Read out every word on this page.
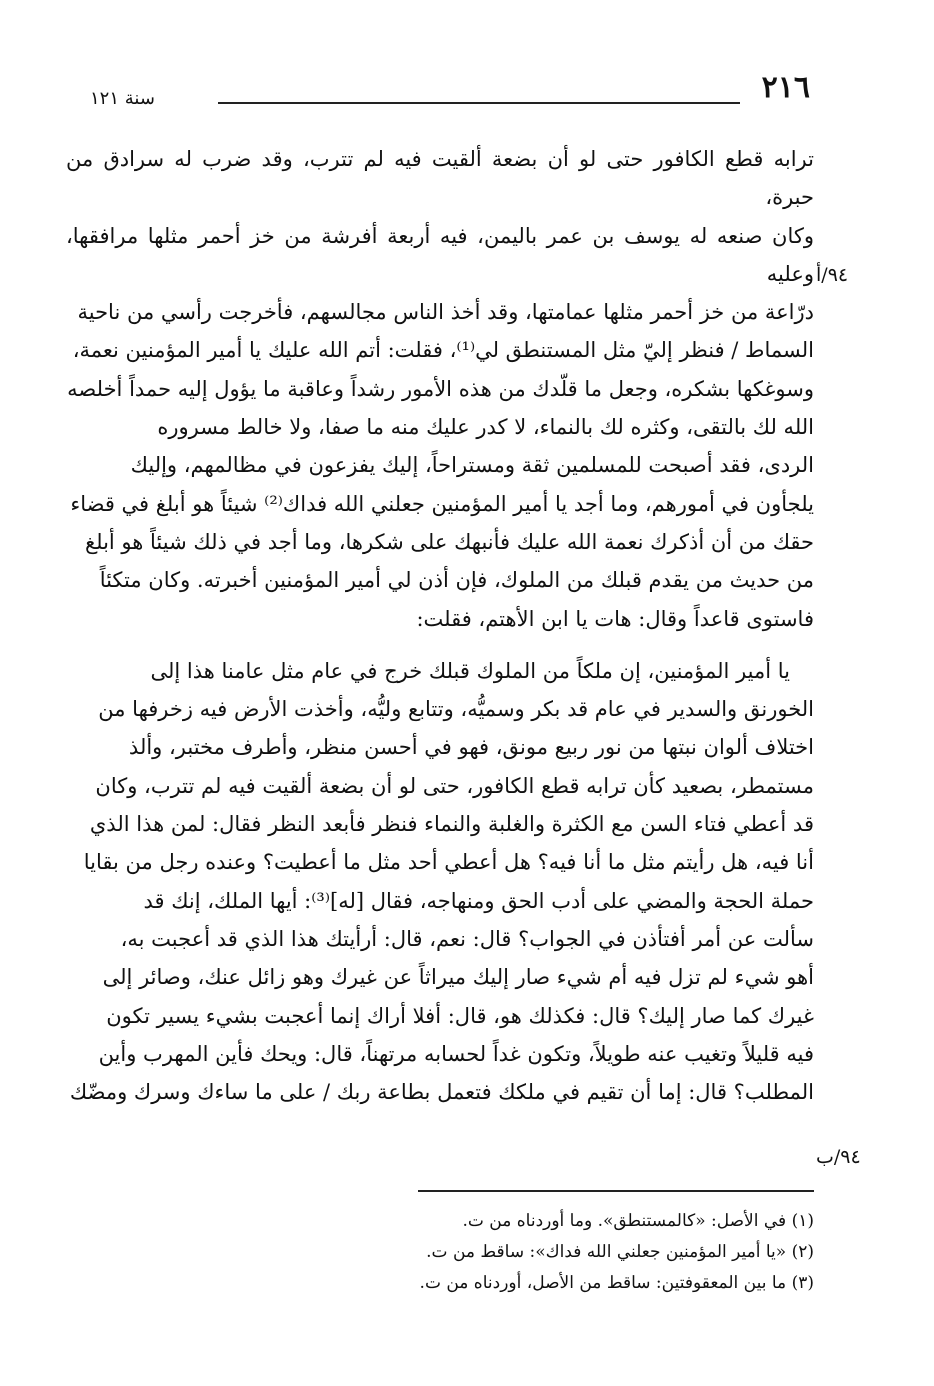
٢١٦
سنة ١٢١
٩٤/أ
٩٤/ب

ترابه قطع الكافور حتى لو أن بضعة ألقيت فيه لم تترب، وقد ضرب له سرادق من حبرة،

وكان صنعه له يوسف بن عمر باليمن، فيه أربعة أفرشة من خز أحمر مثلها مرافقها، وعليه

درّاعة من خز أحمر مثلها عمامتها، وقد أخذ الناس مجالسهم، فأخرجت رأسي من ناحية

السماط / فنظر إليّ مثل المستنطق لي⁽¹⁾، فقلت: أتم الله عليك يا أمير المؤمنين نعمة،

وسوغكها بشكره، وجعل ما قلّدك من هذه الأمور رشداً وعاقبة ما يؤول إليه حمداً أخلصه

الله لك بالتقى، وكثره لك بالنماء، لا كدر عليك منه ما صفا، ولا خالط مسروره

الردى، فقد أصبحت للمسلمين ثقة ومستراحاً، إليك يفزعون في مظالمهم، وإليك

يلجأون في أمورهم، وما أجد يا أمير المؤمنين جعلني الله فداك⁽²⁾ شيئاً هو أبلغ في قضاء

حقك من أن أذكرك نعمة الله عليك فأنبهك على شكرها، وما أجد في ذلك شيئاً هو أبلغ

من حديث من يقدم قبلك من الملوك، فإن أذن لي أمير المؤمنين أخبرته. وكان متكئاً

فاستوى قاعداً وقال: هات يا ابن الأهتم، فقلت:

يا أمير المؤمنين، إن ملكاً من الملوك قبلك خرج في عام مثل عامنا هذا إلى

الخورنق والسدير في عام قد بكر وسميُّه، وتتابع وليُّه، وأخذت الأرض فيه زخرفها من

اختلاف ألوان نبتها من نور ربيع مونق، فهو في أحسن منظر، وأطرف مختبر، وألذ

مستمطر، بصعيد كأن ترابه قطع الكافور، حتى لو أن بضعة ألقيت فيه لم تترب، وكان

قد أعطي فتاء السن مع الكثرة والغلبة والنماء فنظر فأبعد النظر فقال: لمن هذا الذي

أنا فيه، هل رأيتم مثل ما أنا فيه؟ هل أعطي أحد مثل ما أعطيت؟ وعنده رجل من بقايا

حملة الحجة والمضي على أدب الحق ومنهاجه، فقال [له]⁽³⁾: أيها الملك، إنك قد

سألت عن أمر أفتأذن في الجواب؟ قال: نعم، قال: أرأيتك هذا الذي قد أعجبت به،

أهو شيء لم تزل فيه أم شيء صار إليك ميراثاً عن غيرك وهو زائل عنك، وصائر إلى

غيرك كما صار إليك؟ قال: فكذلك هو، قال: أفلا أراك إنما أعجبت بشيء يسير تكون

فيه قليلاً وتغيب عنه طويلاً، وتكون غداً لحسابه مرتهناً، قال: ويحك فأين المهرب وأين

المطلب؟ قال: إما أن تقيم في ملكك فتعمل بطاعة ربك / على ما ساءك وسرك ومضّك

(١) في الأصل: «كالمستنطق». وما أوردناه من ت.
(٢) «يا أمير المؤمنين جعلني الله فداك»: ساقط من ت.
(٣) ما بين المعقوفتين: ساقط من الأصل، أوردناه من ت.
